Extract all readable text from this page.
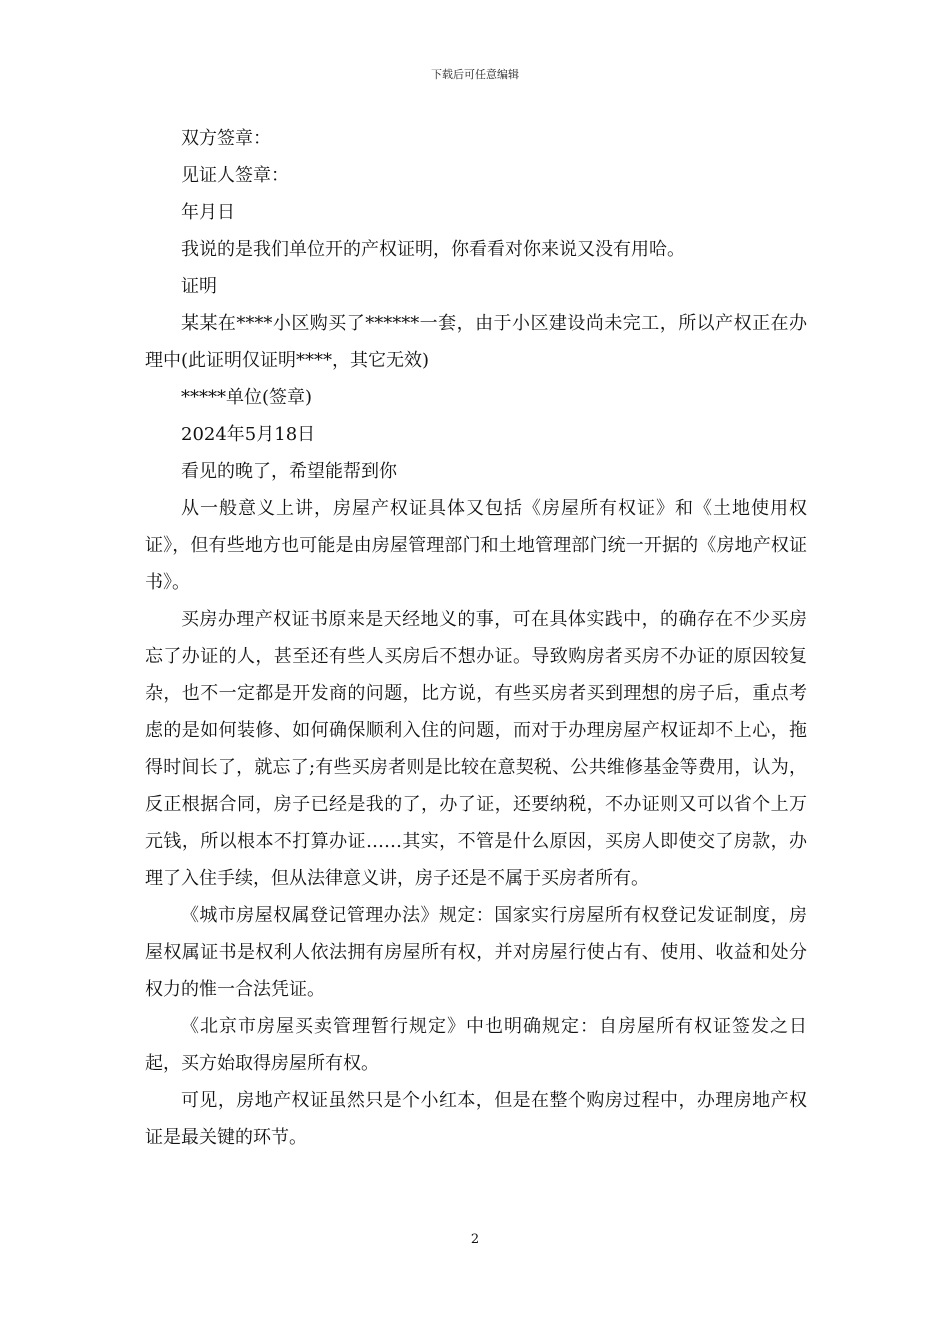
下载后可任意编辑

双方签章：

见证人签章：

年月日

我说的是我们单位开的产权证明，你看看对你来说又没有用哈。

证明

某某在****小区购买了******一套，由于小区建设尚未完工，所以产权正在办理中(此证明仅证明****，其它无效)

*****单位(签章)

2024年5月18日

看见的晚了，希望能帮到你

从一般意义上讲，房屋产权证具体又包括《房屋所有权证》和《土地使用权证》，但有些地方也可能是由房屋管理部门和土地管理部门统一开据的《房地产权证书》。

买房办理产权证书原来是天经地义的事，可在具体实践中，的确存在不少买房忘了办证的人，甚至还有些人买房后不想办证。导致购房者买房不办证的原因较复杂，也不一定都是开发商的问题，比方说，有些买房者买到理想的房子后，重点考虑的是如何装修、如何确保顺利入住的问题，而对于办理房屋产权证却不上心，拖得时间长了，就忘了;有些买房者则是比较在意契税、公共维修基金等费用，认为，反正根据合同，房子已经是我的了，办了证，还要纳税，不办证则又可以省个上万元钱，所以根本不打算办证……其实，不管是什么原因，买房人即使交了房款，办理了入住手续，但从法律意义讲，房子还是不属于买房者所有。

《城市房屋权属登记管理办法》规定：国家实行房屋所有权登记发证制度，房屋权属证书是权利人依法拥有房屋所有权，并对房屋行使占有、使用、收益和处分权力的惟一合法凭证。

《北京市房屋买卖管理暂行规定》中也明确规定：自房屋所有权证签发之日起，买方始取得房屋所有权。

可见，房地产权证虽然只是个小红本，但是在整个购房过程中，办理房地产权证是最关键的环节。

2
